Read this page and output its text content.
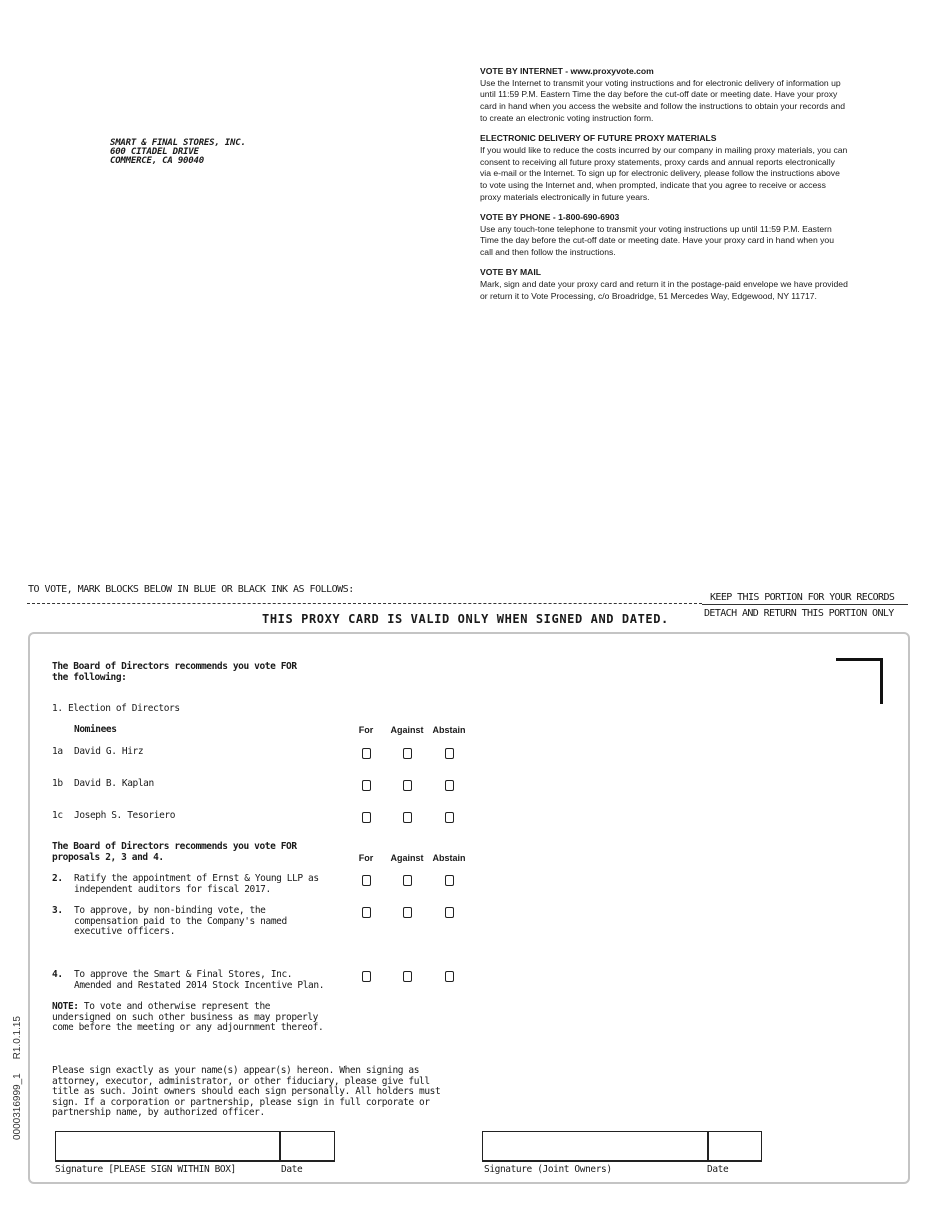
SMART & FINAL STORES, INC.
600 CITADEL DRIVE
COMMERCE, CA 90040
VOTE BY INTERNET - www.proxyvote.com
Use the Internet to transmit your voting instructions and for electronic delivery of information up until 11:59 P.M. Eastern Time the day before the cut-off date or meeting date. Have your proxy card in hand when you access the website and follow the instructions to obtain your records and to create an electronic voting instruction form.
ELECTRONIC DELIVERY OF FUTURE PROXY MATERIALS
If you would like to reduce the costs incurred by our company in mailing proxy materials, you can consent to receiving all future proxy statements, proxy cards and annual reports electronically via e-mail or the Internet. To sign up for electronic delivery, please follow the instructions above to vote using the Internet and, when prompted, indicate that you agree to receive or access proxy materials electronically in future years.
VOTE BY PHONE - 1-800-690-6903
Use any touch-tone telephone to transmit your voting instructions up until 11:59 P.M. Eastern Time the day before the cut-off date or meeting date. Have your proxy card in hand when you call and then follow the instructions.
VOTE BY MAIL
Mark, sign and date your proxy card and return it in the postage-paid envelope we have provided or return it to Vote Processing, c/o Broadridge, 51 Mercedes Way, Edgewood, NY 11717.
TO VOTE, MARK BLOCKS BELOW IN BLUE OR BLACK INK AS FOLLOWS:
KEEP THIS PORTION FOR YOUR RECORDS
DETACH AND RETURN THIS PORTION ONLY
THIS PROXY CARD IS VALID ONLY WHEN SIGNED AND DATED.
The Board of Directors recommends you vote FOR
the following:
1. Election of Directors
Nominees	For Against Abstain
1a David G. Hirz
1b David B. Kaplan
1c Joseph S. Tesoriero
The Board of Directors recommends you vote FOR
proposals 2, 3 and 4.	For Against Abstain
2. Ratify the appointment of Ernst & Young LLP as
independent auditors for fiscal 2017.
3. To approve, by non-binding vote, the
compensation paid to the Company's named
executive officers.
4. To approve the Smart & Final Stores, Inc.
Amended and Restated 2014 Stock Incentive Plan.
NOTE: To vote and otherwise represent the
undersigned on such other business as may properly
come before the meeting or any adjournment thereof.
Please sign exactly as your name(s) appear(s) hereon. When signing as
attorney, executor, administrator, or other fiduciary, please give full
title as such. Joint owners should each sign personally. All holders must
sign. If a corporation or partnership, please sign in full corporate or
partnership name, by authorized officer.
Signature [PLEASE SIGN WITHIN BOX]	Date	Signature (Joint Owners)	Date
0000316999_1     R1.0.1.15
